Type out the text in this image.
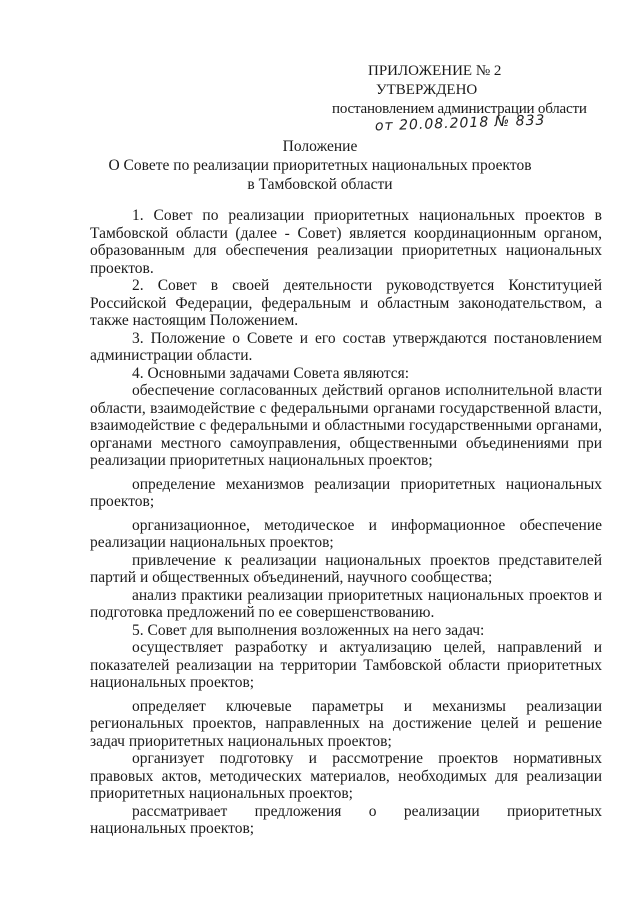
ПРИЛОЖЕНИЕ № 2
УТВЕРЖДЕНО
постановлением администрации области
от 20.08.2018 № 833
Положение
О Совете по реализации приоритетных национальных проектов
в Тамбовской области

1. Совет по реализации приоритетных национальных проектов в Тамбовской области (далее - Совет) является координационным органом, образованным для обеспечения реализации приоритетных национальных проектов.

2. Совет в своей деятельности руководствуется Конституцией Российской Федерации, федеральным и областным законодательством, а также настоящим Положением.

3. Положение о Совете и его состав утверждаются постановлением администрации области.

4. Основными задачами Совета являются:

обеспечение согласованных действий органов исполнительной власти области, взаимодействие с федеральными органами государственной власти, взаимодействие с федеральными и областными государственными органами, органами местного самоуправления, общественными объединениями при реализации приоритетных национальных проектов;

определение механизмов реализации приоритетных национальных проектов;

организационное, методическое и информационное обеспечение реализации национальных проектов;

привлечение к реализации национальных проектов представителей партий и общественных объединений, научного сообщества;

анализ практики реализации приоритетных национальных проектов и подготовка предложений по ее совершенствованию.

5. Совет для выполнения возложенных на него задач:

осуществляет разработку и актуализацию целей, направлений и показателей реализации на территории Тамбовской области приоритетных национальных проектов;

определяет ключевые параметры и механизмы реализации региональных проектов, направленных на достижение целей и решение задач приоритетных национальных проектов;

организует подготовку и рассмотрение проектов нормативных правовых актов, методических материалов, необходимых для реализации приоритетных национальных проектов;

рассматривает предложения о реализации приоритетных национальных проектов;
